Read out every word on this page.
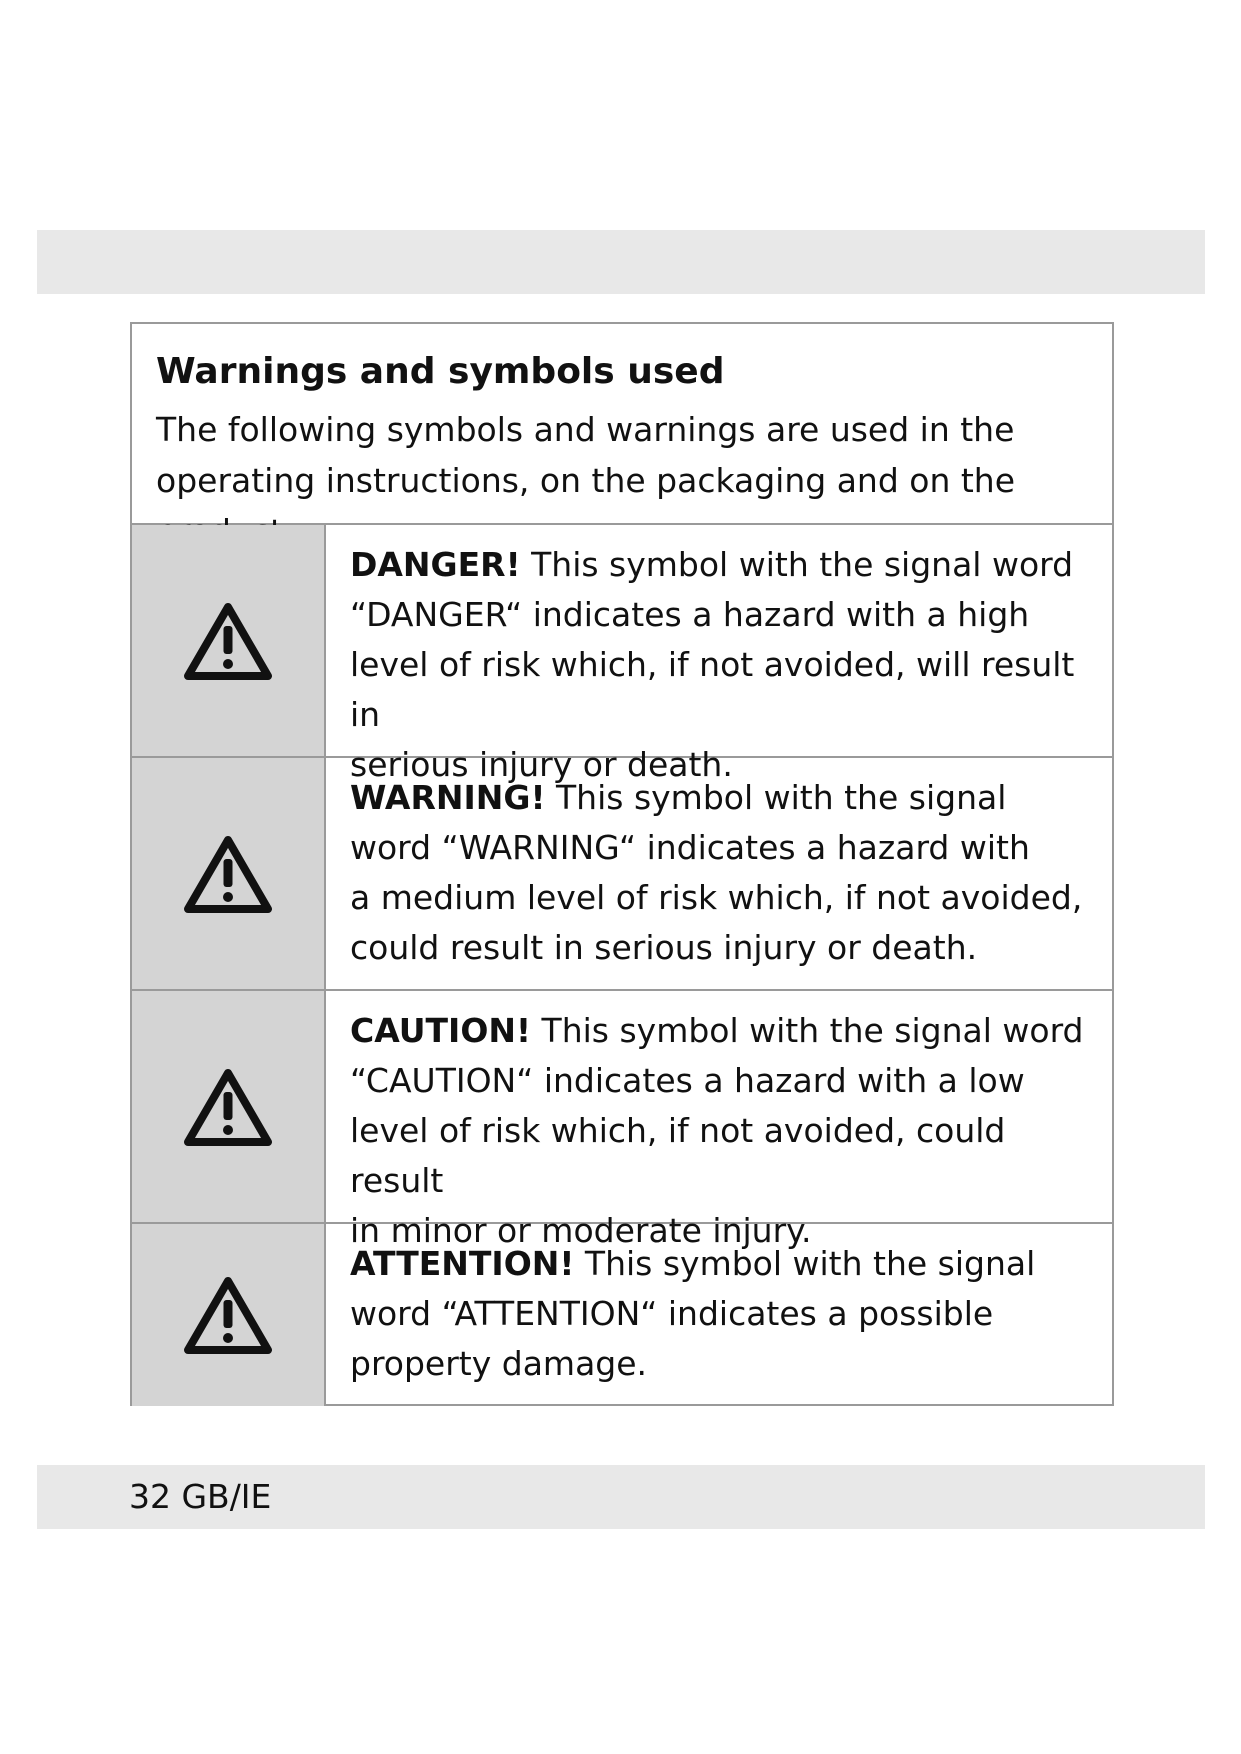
Warnings and symbols used
The following symbols and warnings are used in the
operating instructions, on the packaging and on the
DANGER! This symbol with the signal word
“DANGER“ indicates a hazard with a high
level of risk which, if not avoided, will result in
serious injury or death.
WARNING! This symbol with the signal
word “WARNING“ indicates a hazard with
a medium level of risk which, if not avoided,
could result in serious injury or death.
CAUTION! This symbol with the signal word
“CAUTION“ indicates a hazard with a low
level of risk which, if not avoided, could result
in minor or moderate injury.
ATTENTION! This symbol with the signal
word “ATTENTION“ indicates a possible
property damage.
32 GB/IE
